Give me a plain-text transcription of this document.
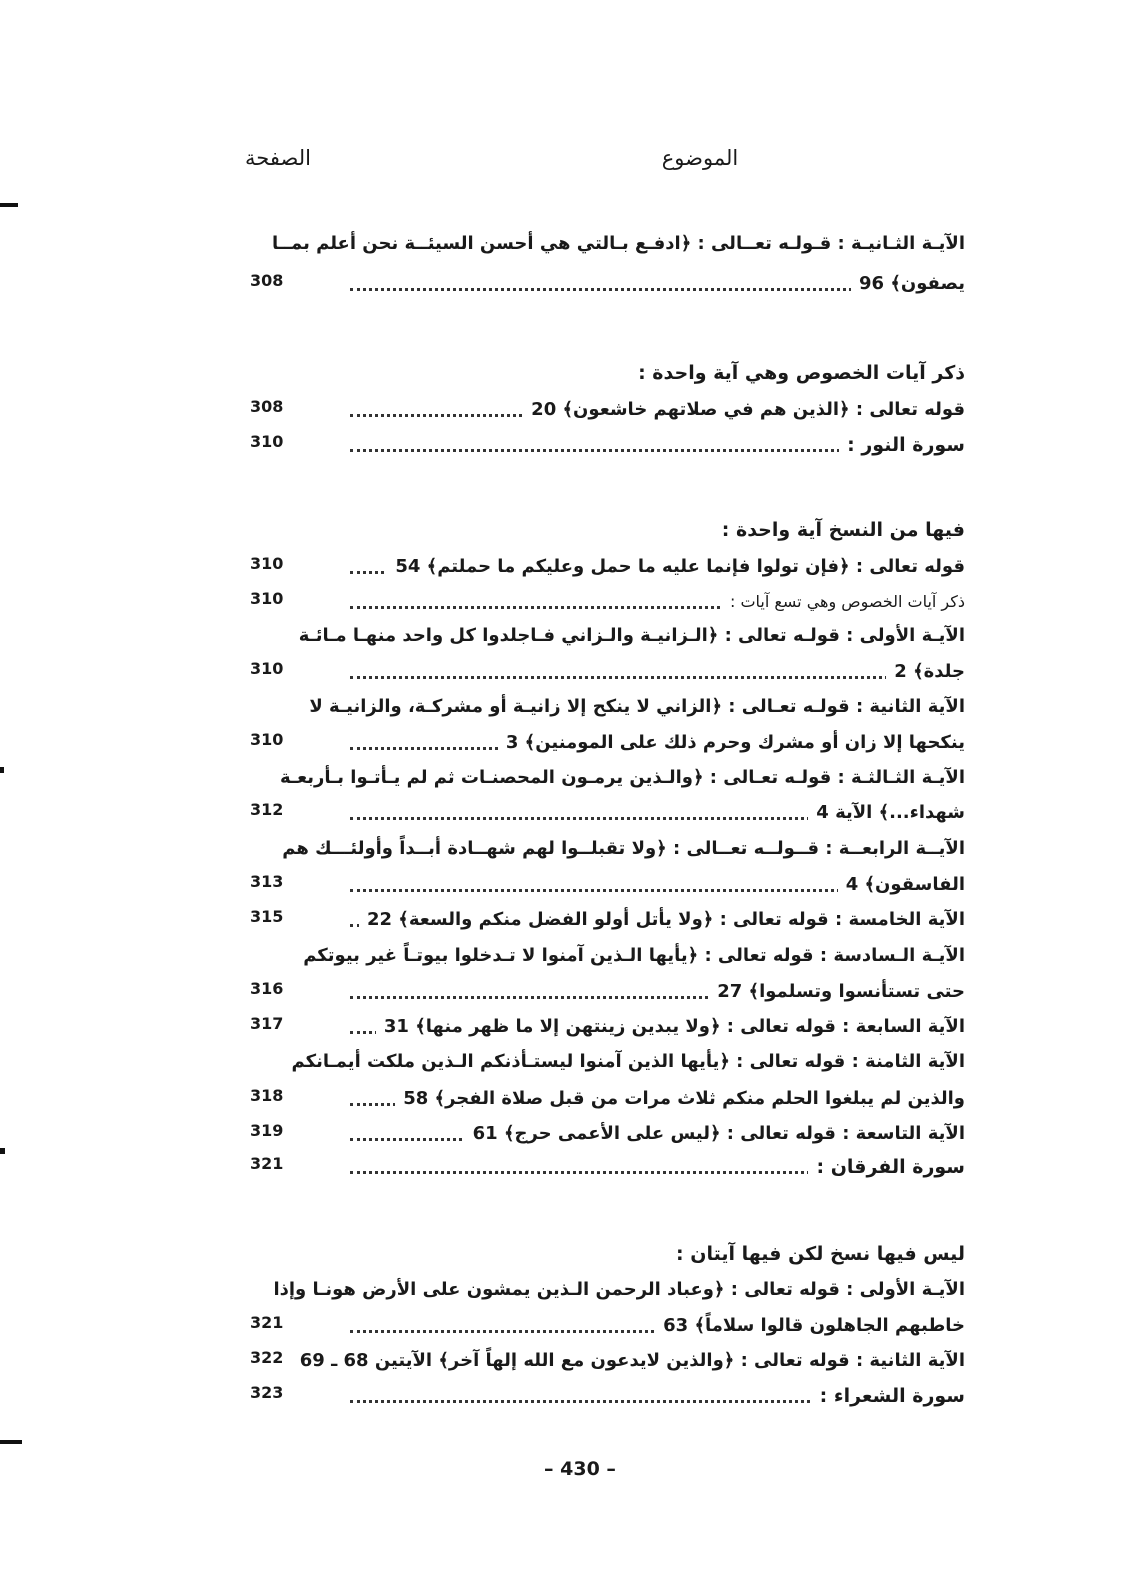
الموضوع
الصفحة
الآيـة الثـانيـة : قـولـه تعــالى : ﴿ادفـع بـالتي هي أحسن السيئــة نحن أعلم بمــا
308	يصفون﴾ 96
ذكر آيات الخصوص وهي آية واحدة :
308	قوله تعالى : ﴿الذين هم في صلاتهم خاشعون﴾ 20
310	سورة النور :
فيها من النسخ آية واحدة :
310	قوله تعالى : ﴿فإن تولوا فإنما عليه ما حمل وعليكم ما حملتم﴾ 54
310	ذكر آيات الخصوص وهي تسع آيات :
الآيـة الأولى : قولـه تعالى : ﴿الـزانيـة والـزاني فـاجلدوا كل واحد منهـا مـائـة
310	جلدة﴾ 2
الآية الثانية : قولـه تعـالى : ﴿الزاني لا ينكح إلا زانيـة أو مشركـة، والزانيـة لا
310	ينكحها إلا زان أو مشرك وحرم ذلك على المومنين﴾ 3
الآيـة الثـالثـة : قولـه تعـالى : ﴿والـذين يرمـون المحصنـات ثم لم يـأتـوا بـأربعـة
312	شهداء...﴾ الآية 4
الآيــة الرابعــة : قــولــه تعــالى : ﴿ولا تقبلــوا لهم شهــادة أبــداً وأولئـــك هم
313	الفاسقون﴾ 4
315	الآية الخامسة : قوله تعالى : ﴿ولا يأتل أولو الفضل منكم والسعة﴾ 22
الآيـة الـسادسة : قوله تعالى : ﴿يأيها الـذين آمنوا لا تـدخلوا بيوتـاً غير بيوتكم
316	حتى تستأنسوا وتسلموا﴾ 27
317	الآية السابعة : قوله تعالى : ﴿ولا يبدين زينتهن إلا ما ظهر منها﴾ 31
الآية الثامنة : قوله تعالى : ﴿يأيها الذين آمنوا ليستـأذنكم الـذين ملكت أيمـانكم
318	والذين لم يبلغوا الحلم منكم ثلاث مرات من قبل صلاة الفجر﴾ 58
319	الآية التاسعة : قوله تعالى : ﴿ليس على الأعمى حرج﴾ 61
321	سورة الفرقان :
ليس فيها نسخ لكن فيها آيتان :
الآيـة الأولى : قوله تعالى : ﴿وعباد الرحمن الـذين يمشون على الأرض هونـا وإذا
321	خاطبهم الجاهلون قالوا سلاماً﴾ 63
322 الآية الثانية : قوله تعالى : ﴿والذين لايدعون مع الله إلهاً آخر﴾ الآيتين 68 ـ 69
323	سورة الشعراء :
– 430 –
